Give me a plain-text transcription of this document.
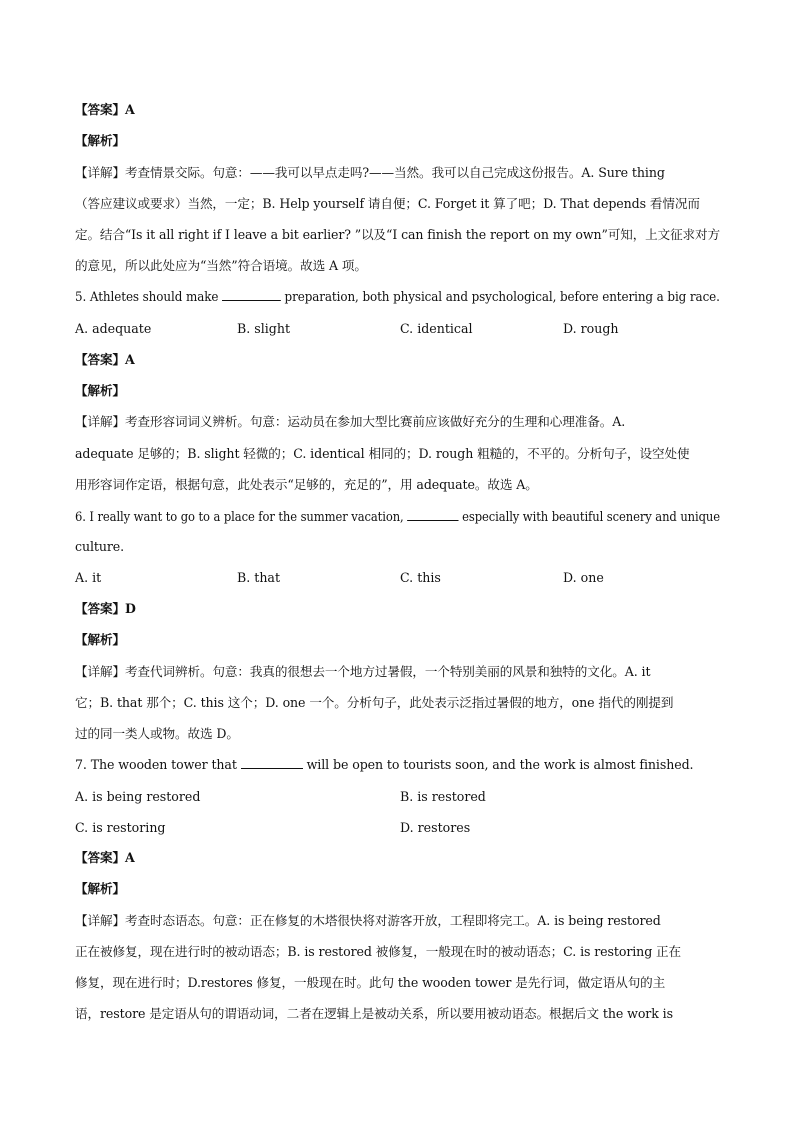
【答案】A
【解析】
【详解】考查情景交际。句意：——我可以早点走吗?——当然。我可以自己完成这份报告。A. Sure thing
（答应建议或要求）当然，一定；B. Help yourself 请自便；C. Forget it 算了吧；D. That depends 看情况而
定。结合“Is it all right if I leave a bit earlier? ”以及“I can finish the report on my own”可知，上文征求对方
的意见，所以此处应为“当然”符合语境。故选 A 项。
5. Athletes should make	preparation, both physical and psychological, before entering a big race.
A. adequate	B. slight	C. identical	D. rough
【答案】A
【解析】
【详解】考查形容词词义辨析。句意：运动员在参加大型比赛前应该做好充分的生理和心理准备。A.
adequate 足够的；B. slight 轻微的；C. identical 相同的；D. rough 粗糙的，不平的。分析句子，设空处使
用形容词作定语，根据句意，此处表示“足够的，充足的”，用 adequate。故选 A。
6. I really want to go to a place for the summer vacation,	especially with beautiful scenery and unique
culture.
A. it	B. that	C. this	D. one
【答案】D
【解析】
【详解】考查代词辨析。句意：我真的很想去一个地方过暑假，一个特别美丽的风景和独特的文化。A. it
它；B. that 那个；C. this 这个；D. one 一个。分析句子，此处表示泛指过暑假的地方，one 指代的刚提到
过的同一类人或物。故选 D。
7. The wooden tower that	will be open to tourists soon, and the work is almost finished.
A. is being restored	B. is restored
C. is restoring	D. restores
【答案】A
【解析】
【详解】考查时态语态。句意：正在修复的木塔很快将对游客开放，工程即将完工。A. is being restored
正在被修复，现在进行时的被动语态；B. is restored 被修复，一般现在时的被动语态；C. is restoring 正在
修复，现在进行时；D.restores 修复，一般现在时。此句 the wooden tower 是先行词，做定语从句的主
语，restore 是定语从句的谓语动词，二者在逻辑上是被动关系，所以要用被动语态。根据后文 the work is
